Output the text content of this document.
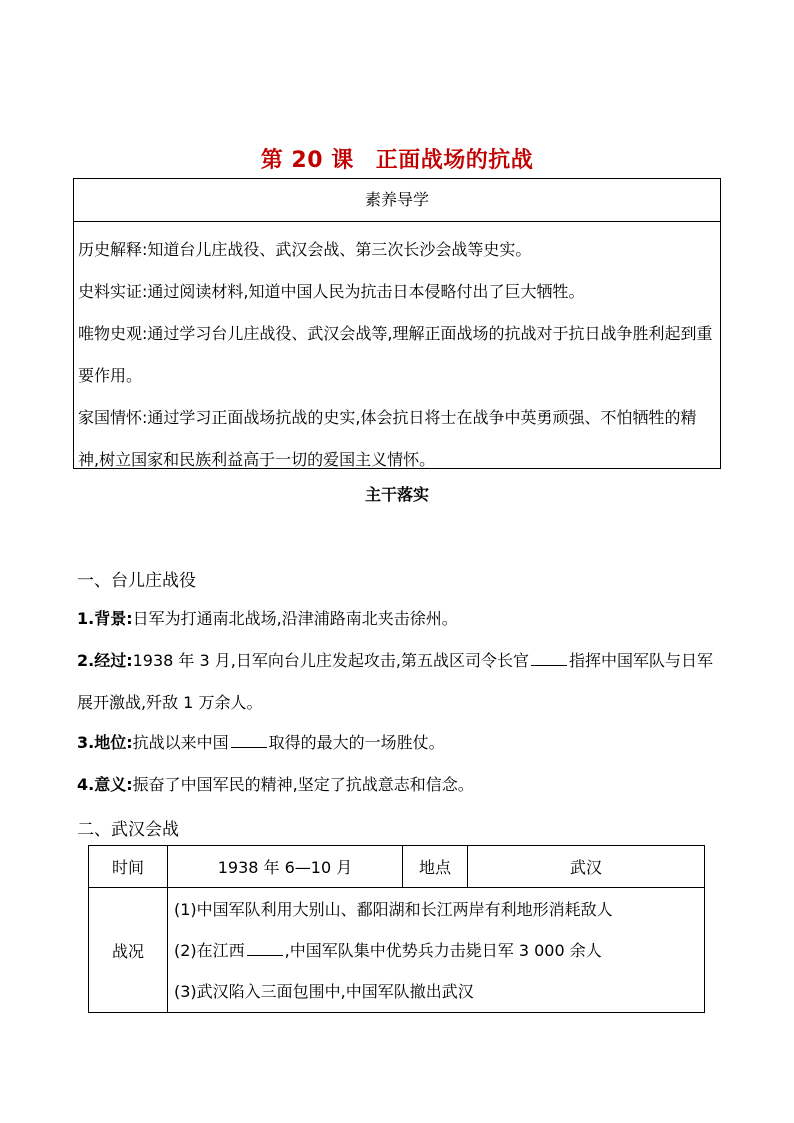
第 20 课 正面战场的抗战
素养导学
历史解释:知道台儿庄战役、武汉会战、第三次长沙会战等史实。
史料实证:通过阅读材料,知道中国人民为抗击日本侵略付出了巨大牺牲。
唯物史观:通过学习台儿庄战役、武汉会战等,理解正面战场的抗战对于抗日战争胜利起到重要作用。
家国情怀:通过学习正面战场抗战的史实,体会抗日将士在战争中英勇顽强、不怕牺牲的精神,树立国家和民族利益高于一切的爱国主义情怀。
主干落实
一、台儿庄战役
1.背景:日军为打通南北战场,沿津浦路南北夹击徐州。
2.经过:1938 年 3 月,日军向台儿庄发起攻击,第五战区司令长官	指挥中国军队与日军展开激战,歼敌 1 万余人。
3.地位:抗战以来中国	取得的最大的一场胜仗。
4.意义:振奋了中国军民的精神,坚定了抗战意志和信念。
二、武汉会战
时间	1938 年 6—10 月	地点	武汉
战况	(1)中国军队利用大别山、鄱阳湖和长江两岸有利地形消耗敌人
(2)在江西 ,中国军队集中优势兵力击毙日军 3 000 余人
(3)武汉陷入三面包围中,中国军队撤出武汉		
